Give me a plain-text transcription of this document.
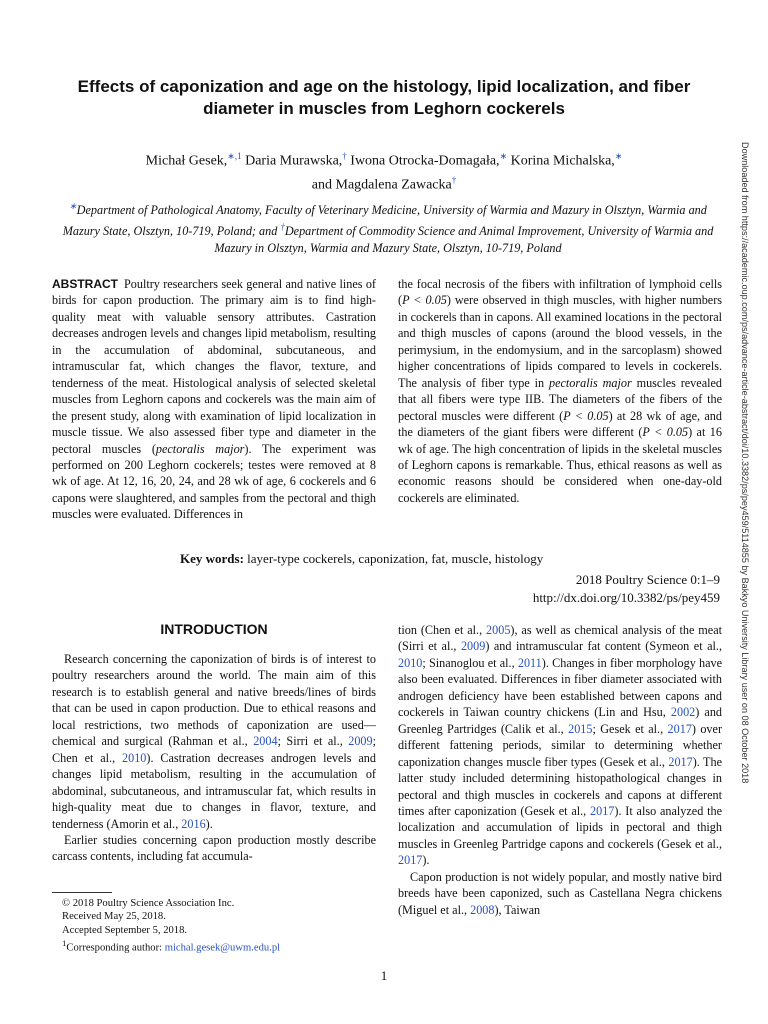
Effects of caponization and age on the histology, lipid localization, and fiber diameter in muscles from Leghorn cockerels
Michał Gesek,$^{∗,1}$ Daria Murawska,† Iwona Otrocka-Domagała,∗ Korina Michalska,∗
and Magdalena Zawacka†
∗Department of Pathological Anatomy, Faculty of Veterinary Medicine, University of Warmia and Mazury in Olsztyn, Warmia and Mazury State, Olsztyn, 10-719, Poland; and †Department of Commodity Science and Animal Improvement, University of Warmia and Mazury in Olsztyn, Warmia and Mazury State, Olsztyn, 10-719, Poland

ABSTRACT Poultry researchers seek general and native lines of birds for capon production. The primary aim is to find high-quality meat with valuable sensory attributes. Castration decreases androgen levels and changes lipid metabolism, resulting in the accumulation of abdominal, subcutaneous, and intramuscular fat, which changes the flavor, texture, and tenderness of the meat. Histological analysis of selected skeletal muscles from Leghorn capons and cockerels was the main aim of the present study, along with examination of lipid localization in muscle tissue. We also assessed fiber type and diameter in the pectoral muscles (pectoralis major). The experiment was performed on 200 Leghorn cockerels; testes were removed at 8 wk of age. At 12, 16, 20, 24, and 28 wk of age, 6 cockerels and 6 capons were slaughtered, and samples from the pectoral and thigh muscles were evaluated. Differences in

the focal necrosis of the fibers with infiltration of lymphoid cells (P < 0.05) were observed in thigh muscles, with higher numbers in cockerels than in capons. All examined locations in the pectoral and thigh muscles of capons (around the blood vessels, in the perimysium, in the endomysium, and in the sarcoplasm) showed higher concentrations of lipids compared to levels in cockerels. The analysis of fiber type in pectoralis major muscles revealed that all fibers were type IIB. The diameters of the fibers of the pectoral muscles were different (P < 0.05) at 28 wk of age, and the diameters of the giant fibers were different (P < 0.05) at 16 wk of age. The high concentration of lipids in the skeletal muscles of Leghorn capons is remarkable. Thus, ethical reasons as well as economic reasons should be considered when one-day-old cockerels are eliminated.

Key words: layer-type cockerels, caponization, fat, muscle, histology
2018 Poultry Science 0:1–9
http://dx.doi.org/10.3382/ps/pey459
INTRODUCTION

Research concerning the caponization of birds is of interest to poultry researchers around the world. The main aim of this research is to establish general and native breeds/lines of birds that can be used in capon production. Due to ethical reasons and local restrictions, two methods of caponization are used—chemical and surgical (Rahman et al., 2004; Sirri et al., 2009; Chen et al., 2010). Castration decreases androgen levels and changes lipid metabolism, resulting in the accumulation of abdominal, subcutaneous, and intramuscular fat, which results in high-quality meat due to changes in flavor, texture, and tenderness (Amorin et al., 2016).

Earlier studies concerning capon production mostly describe carcass contents, including fat accumula-

tion (Chen et al., 2005), as well as chemical analysis of the meat (Sirri et al., 2009) and intramuscular fat content (Symeon et al., 2010; Sinanoglou et al., 2011). Changes in fiber morphology have also been evaluated. Differences in fiber diameter associated with androgen deficiency have been established between capons and cockerels in Taiwan country chickens (Lin and Hsu, 2002) and Greenleg Partridges (Calik et al., 2015; Gesek et al., 2017) over different fattening periods, similar to determining whether caponization changes muscle fiber types (Gesek et al., 2017). The latter study included determining histopathological changes in pectoral and thigh muscles in cockerels and capons at different times after caponization (Gesek et al., 2017). It also analyzed the localization and accumulation of lipids in pectoral and thigh muscles in Greenleg Partridge capons and cockerels (Gesek et al., 2017).

Capon production is not widely popular, and mostly native bird breeds have been caponized, such as Castellana Negra chickens (Miguel et al., 2008), Taiwan

© 2018 Poultry Science Association Inc.
Received May 25, 2018.
Accepted September 5, 2018.
$^1$Corresponding author: michal.gesek@uwm.edu.pl
1
Downloaded from https://academic.oup.com/ps/advance-article-abstract/doi/10.3382/ps/pey459/5114855 by Bakkyo University Library user on 08 October 2018
